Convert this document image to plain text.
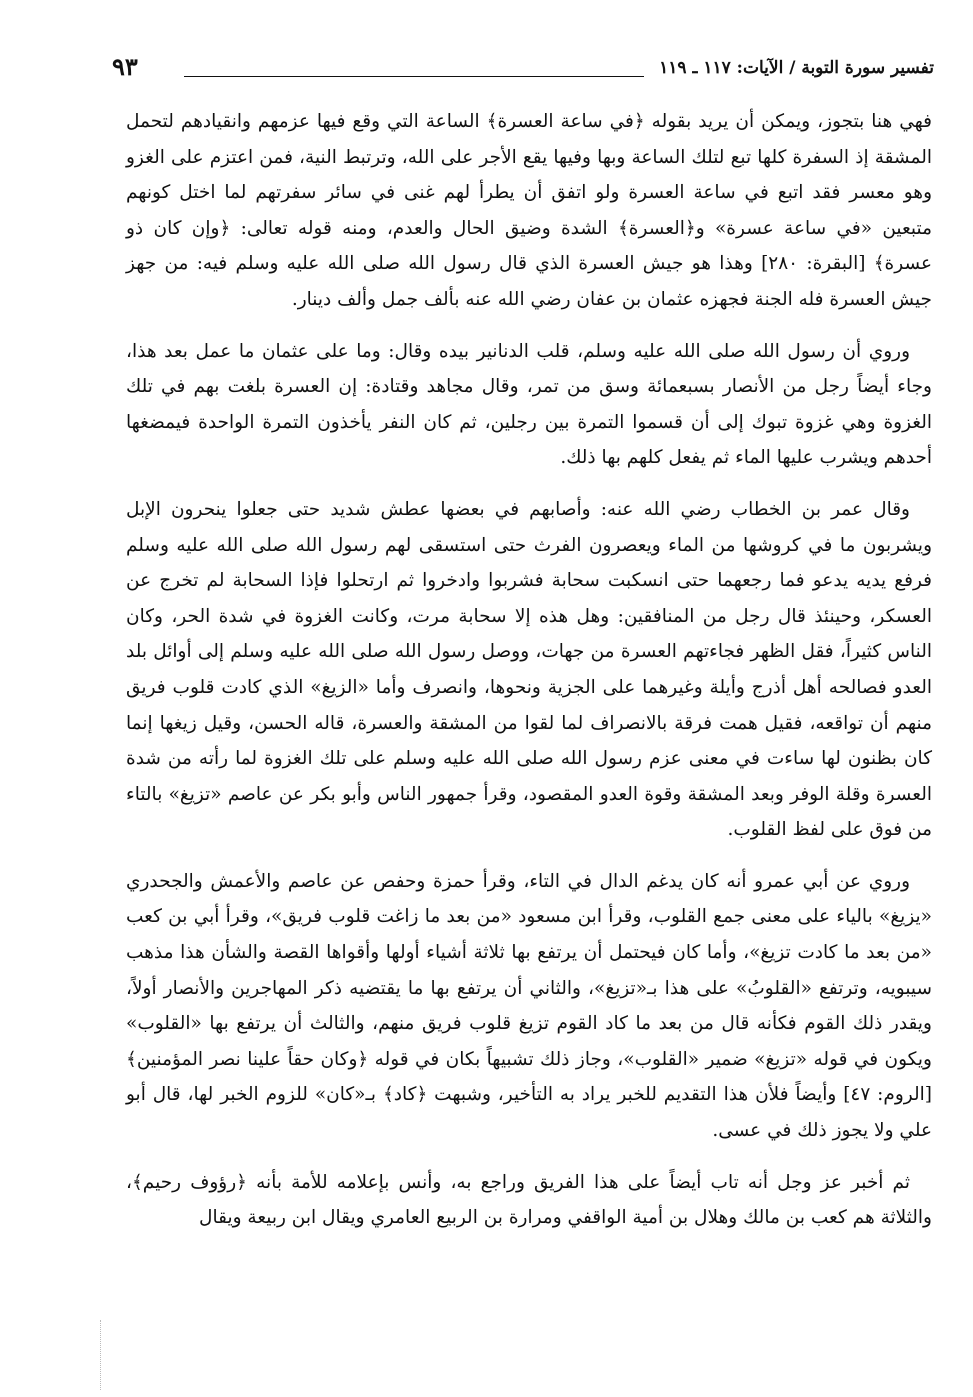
تفسير سورة التوبة / الآيات: ١١٧ ـ ١١٩
٩٣

فهي هنا بتجوز، ويمكن أن يريد بقوله ﴿في ساعة العسرة﴾ الساعة التي وقع فيها عزمهم وانقيادهم لتحمل المشقة إذ السفرة كلها تبع لتلك الساعة وبها وفيها يقع الأجر على الله، وترتبط النية، فمن اعتزم على الغزو وهو معسر فقد اتبع في ساعة العسرة ولو اتفق أن يطرأ لهم غنى في سائر سفرتهم لما اختل كونهم متبعين «في ساعة عسرة» و﴿العسرة﴾ الشدة وضيق الحال والعدم، ومنه قوله تعالى: ﴿وإن كان ذو عسرة﴾ [البقرة: ٢٨٠] وهذا هو جيش العسرة الذي قال رسول الله صلى الله عليه وسلم فيه: من جهز جيش العسرة فله الجنة فجهزه عثمان بن عفان رضي الله عنه بألف جمل وألف دينار.

وروي أن رسول الله صلى الله عليه وسلم، قلب الدنانير بيده وقال: وما على عثمان ما عمل بعد هذا، وجاء أيضاً رجل من الأنصار بسبعمائة وسق من تمر، وقال مجاهد وقتادة: إن العسرة بلغت بهم في تلك الغزوة وهي غزوة تبوك إلى أن قسموا التمرة بين رجلين، ثم كان النفر يأخذون التمرة الواحدة فيمضغها أحدهم ويشرب عليها الماء ثم يفعل كلهم بها ذلك.

وقال عمر بن الخطاب رضي الله عنه: وأصابهم في بعضها عطش شديد حتى جعلوا ينحرون الإبل ويشربون ما في كروشها من الماء ويعصرون الفرث حتى استسقى لهم رسول الله صلى الله عليه وسلم فرفع يديه يدعو فما رجعهما حتى انسكبت سحابة فشربوا وادخروا ثم ارتحلوا فإذا السحابة لم تخرج عن العسكر، وحينئذ قال رجل من المنافقين: وهل هذه إلا سحابة مرت، وكانت الغزوة في شدة الحر، وكان الناس كثيراً، فقل الظهر فجاءتهم العسرة من جهات، ووصل رسول الله صلى الله عليه وسلم إلى أوائل بلد العدو فصالحه أهل أذرج وأيلة وغيرهما على الجزية ونحوها، وانصرف وأما «الزيغ» الذي كادت قلوب فريق منهم أن تواقعه، فقيل همت فرقة بالانصراف لما لقوا من المشقة والعسرة، قاله الحسن، وقيل زيغها إنما كان بظنون لها ساءت في معنى عزم رسول الله صلى الله عليه وسلم على تلك الغزوة لما رأته من شدة العسرة وقلة الوفر وبعد المشقة وقوة العدو المقصود، وقرأ جمهور الناس وأبو بكر عن عاصم «تزيغ» بالتاء من فوق على لفظ القلوب.

وروي عن أبي عمرو أنه كان يدغم الدال في التاء، وقرأ حمزة وحفص عن عاصم والأعمش والجحدري «يزيغ» بالياء على معنى جمع القلوب، وقرأ ابن مسعود «من بعد ما زاغت قلوب فريق»، وقرأ أبي بن كعب «من بعد ما كادت تزيغ»، وأما كان فيحتمل أن يرتفع بها ثلاثة أشياء أولها وأقواها القصة والشأن هذا مذهب سيبويه، وترتفع «القلوبُ» على هذا بـ«تزيغ»، والثاني أن يرتفع بها ما يقتضيه ذكر المهاجرين والأنصار أولاً، ويقدر ذلك القوم فكأنه قال من بعد ما كاد القوم تزيغ قلوب فريق منهم، والثالث أن يرتفع بها «القلوب» ويكون في قوله «تزيغ» ضمير «القلوب»، وجاز ذلك تشبيهاً بكان في قوله ﴿وكان حقاً علينا نصر المؤمنين﴾ [الروم: ٤٧] وأيضاً فلأن هذا التقديم للخبر يراد به التأخير، وشبهت ﴿كاد﴾ بـ«كان» للزوم الخبر لها، قال أبو علي ولا يجوز ذلك في عسى.

ثم أخبر عز وجل أنه تاب أيضاً على هذا الفريق وراجع به، وأنس بإعلامه للأمة بأنه ﴿رؤوف رحيم﴾، والثلاثة هم كعب بن مالك وهلال بن أمية الواقفي ومرارة بن الربيع العامري ويقال ابن ربيعة ويقال
